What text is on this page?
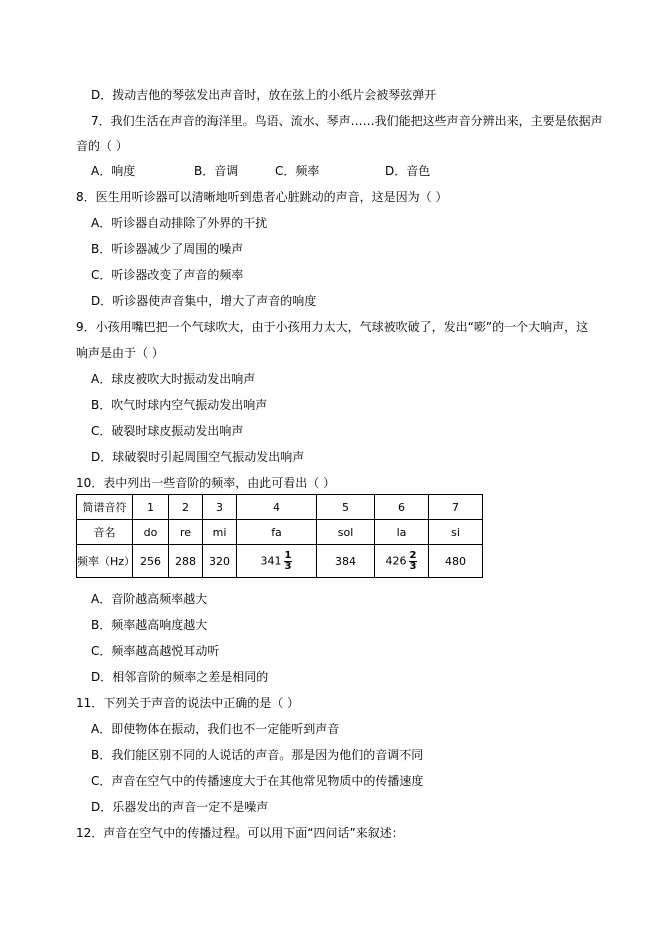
D．拨动吉他的琴弦发出声音时，放在弦上的小纸片会被琴弦弹开
7．我们生活在声音的海洋里。鸟语、流水、琴声……我们能把这些声音分辨出来，主要是依据声
音的（ ）
A．响度	B．音调	C．频率	D．音色
8．医生用听诊器可以清晰地听到患者心脏跳动的声音，这是因为（ ）
A．听诊器自动排除了外界的干扰
B．听诊器减少了周围的噪声
C．听诊器改变了声音的频率
D．听诊器使声音集中，增大了声音的响度
9．小孩用嘴巴把一个气球吹大，由于小孩用力太大，气球被吹破了，发出“嘭”的一个大响声，这
响声是由于（ ）
A．球皮被吹大时振动发出响声
B．吹气时球内空气振动发出响声
C．破裂时球皮振动发出响声
D．球破裂时引起周围空气振动发出响声
10．表中列出一些音阶的频率，由此可看出（ ）
简谱音符	1	2	3	4	5	6	7
音名	do	re	mi	fa	sol	la	si
频率（Hz）	256	288	320	$341 \frac{1}{3}$	384	$426 \frac{2}{3}$	480
A．音阶越高频率越大
B．频率越高响度越大
C．频率越高越悦耳动听
D．相邻音阶的频率之差是相同的
11．下列关于声音的说法中正确的是（ ）
A．即使物体在振动，我们也不一定能听到声音
B．我们能区别不同的人说话的声音。那是因为他们的音调不同
C．声音在空气中的传播速度大于在其他常见物质中的传播速度
D．乐器发出的声音一定不是噪声
12．声音在空气中的传播过程。可以用下面“四问话”来叙述：
